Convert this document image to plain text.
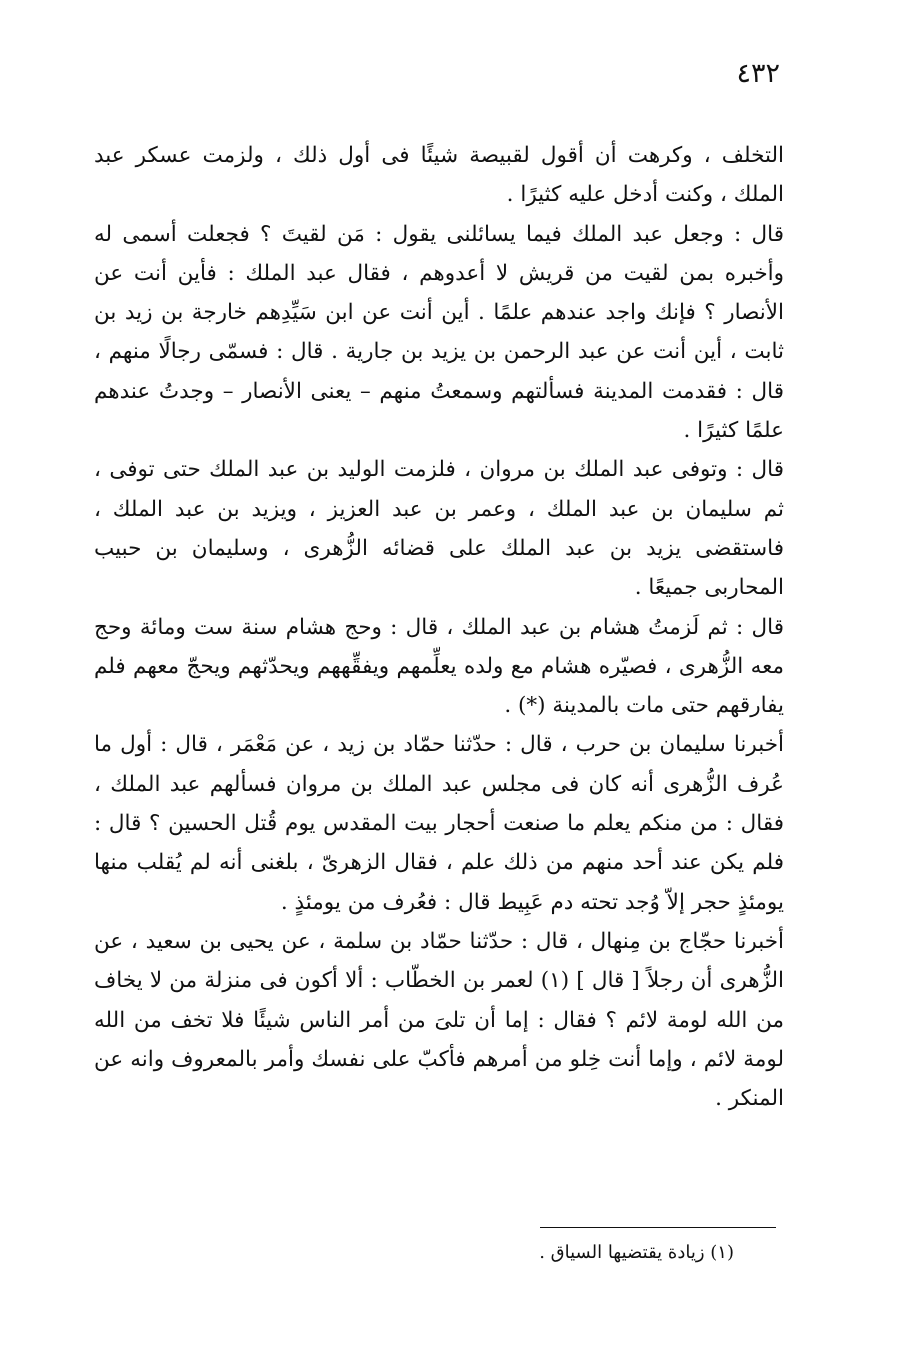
٤٣٢

التخلف ، وكرهت أن أقول لقبيصة شيئًا فى أول ذلك ، ولزمت عسكر عبد الملك ، وكنت أدخل عليه كثيرًا .

قال : وجعل عبد الملك فيما يسائلنى يقول : مَن لقيتَ ؟ فجعلت أسمى له وأخبره بمن لقيت من قريش لا أعدوهم ، فقال عبد الملك : فأين أنت عن الأنصار ؟ فإنك واجد عندهم علمًا . أين أنت عن ابن سَيِّدِهم خارجة بن زيد بن ثابت ، أين أنت عن عبد الرحمن بن يزيد بن جارية . قال : فسمّى رجالًا منهم ، قال : فقدمت المدينة فسألتهم وسمعتُ منهم – يعنى الأنصار – وجدتُ عندهم علمًا كثيرًا .

قال : وتوفى عبد الملك بن مروان ، فلزمت الوليد بن عبد الملك حتى توفى ، ثم سليمان بن عبد الملك ، وعمر بن عبد العزيز ، ويزيد بن عبد الملك ، فاستقضى يزيد بن عبد الملك على قضائه الزُّهرى ، وسليمان بن حبيب المحاربى جميعًا .

قال : ثم لَزمتُ هشام بن عبد الملك ، قال : وحج هشام سنة ست ومائة وحج معه الزُّهرى ، فصيّره هشام مع ولده يعلِّمهم ويفقِّههم ويحدّثهم ويحجّ معهم فلم يفارقهم حتى مات بالمدينة (*) .

أخبرنا سليمان بن حرب ، قال : حدّثنا حمّاد بن زيد ، عن مَعْمَر ، قال : أول ما عُرف الزُّهرى أنه كان فى مجلس عبد الملك بن مروان فسألهم عبد الملك ، فقال : من منكم يعلم ما صنعت أحجار بيت المقدس يوم قُتل الحسين ؟ قال : فلم يكن عند أحد منهم من ذلك علم ، فقال الزهرىّ ، بلغنى أنه لم يُقلب منها يومئذٍ حجر إلاّ وُجد تحته دم عَبِيط قال : فعُرف من يومئذٍ .

أخبرنا حجّاج بن مِنهال ، قال : حدّثنا حمّاد بن سلمة ، عن يحيى بن سعيد ، عن الزُّهرى أن رجلاً [ قال ] (١) لعمر بن الخطّاب : ألا أكون فى منزلة من لا يخاف من الله لومة لائم ؟ فقال : إما أن تلىَ من أمر الناس شيئًا فلا تخف من الله لومة لائم ، وإما أنت خِلو من أمرهم فأكبّ على نفسك وأمر بالمعروف وانه عن المنكر .

(١) زيادة يقتضيها السياق .
